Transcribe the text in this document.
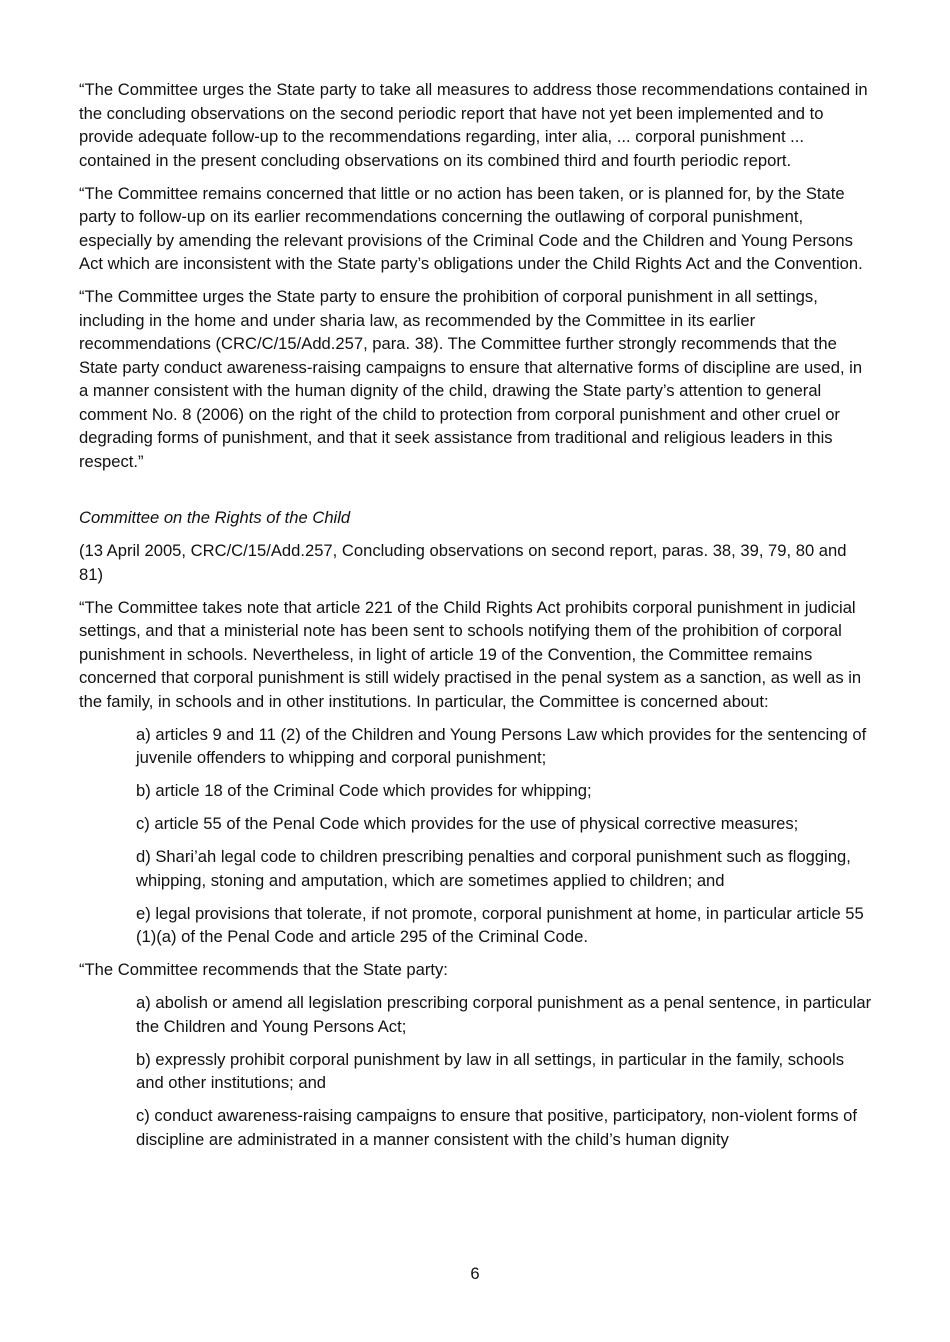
“The Committee urges the State party to take all measures to address those recommendations contained in the concluding observations on the second periodic report that have not yet been implemented and to provide adequate follow-up to the recommendations regarding, inter alia, ... corporal punishment ... contained in the present concluding observations on its combined third and fourth periodic report.

“The Committee remains concerned that little or no action has been taken, or is planned for, by the State party to follow-up on its earlier recommendations concerning the outlawing of corporal punishment, especially by amending the relevant provisions of the Criminal Code and the Children and Young Persons Act which are inconsistent with the State party’s obligations under the Child Rights Act and the Convention.

“The Committee urges the State party to ensure the prohibition of corporal punishment in all settings, including in the home and under sharia law, as recommended by the Committee in its earlier recommendations (CRC/C/15/Add.257, para. 38). The Committee further strongly recommends that the State party conduct awareness-raising campaigns to ensure that alternative forms of discipline are used, in a manner consistent with the human dignity of the child, drawing the State party’s attention to general comment No. 8 (2006) on the right of the child to protection from corporal punishment and other cruel or degrading forms of punishment, and that it seek assistance from traditional and religious leaders in this respect.”

Committee on the Rights of the Child

(13 April 2005, CRC/C/15/Add.257, Concluding observations on second report, paras. 38, 39, 79, 80 and 81)

“The Committee takes note that article 221 of the Child Rights Act prohibits corporal punishment in judicial settings, and that a ministerial note has been sent to schools notifying them of the prohibition of corporal punishment in schools. Nevertheless, in light of article 19 of the Convention, the Committee remains concerned that corporal punishment is still widely practised in the penal system as a sanction, as well as in the family, in schools and in other institutions. In particular, the Committee is concerned about:

a) articles 9 and 11 (2) of the Children and Young Persons Law which provides for the sentencing of juvenile offenders to whipping and corporal punishment;

b) article 18 of the Criminal Code which provides for whipping;

c) article 55 of the Penal Code which provides for the use of physical corrective measures;

d) Shari’ah legal code to children prescribing penalties and corporal punishment such as flogging, whipping, stoning and amputation, which are sometimes applied to children; and

e) legal provisions that tolerate, if not promote, corporal punishment at home, in particular article 55 (1)(a) of the Penal Code and article 295 of the Criminal Code.

“The Committee recommends that the State party:

a) abolish or amend all legislation prescribing corporal punishment as a penal sentence, in particular the Children and Young Persons Act;

b) expressly prohibit corporal punishment by law in all settings, in particular in the family, schools and other institutions; and

c) conduct awareness-raising campaigns to ensure that positive, participatory, non-violent forms of discipline are administrated in a manner consistent with the child’s human dignity

6
